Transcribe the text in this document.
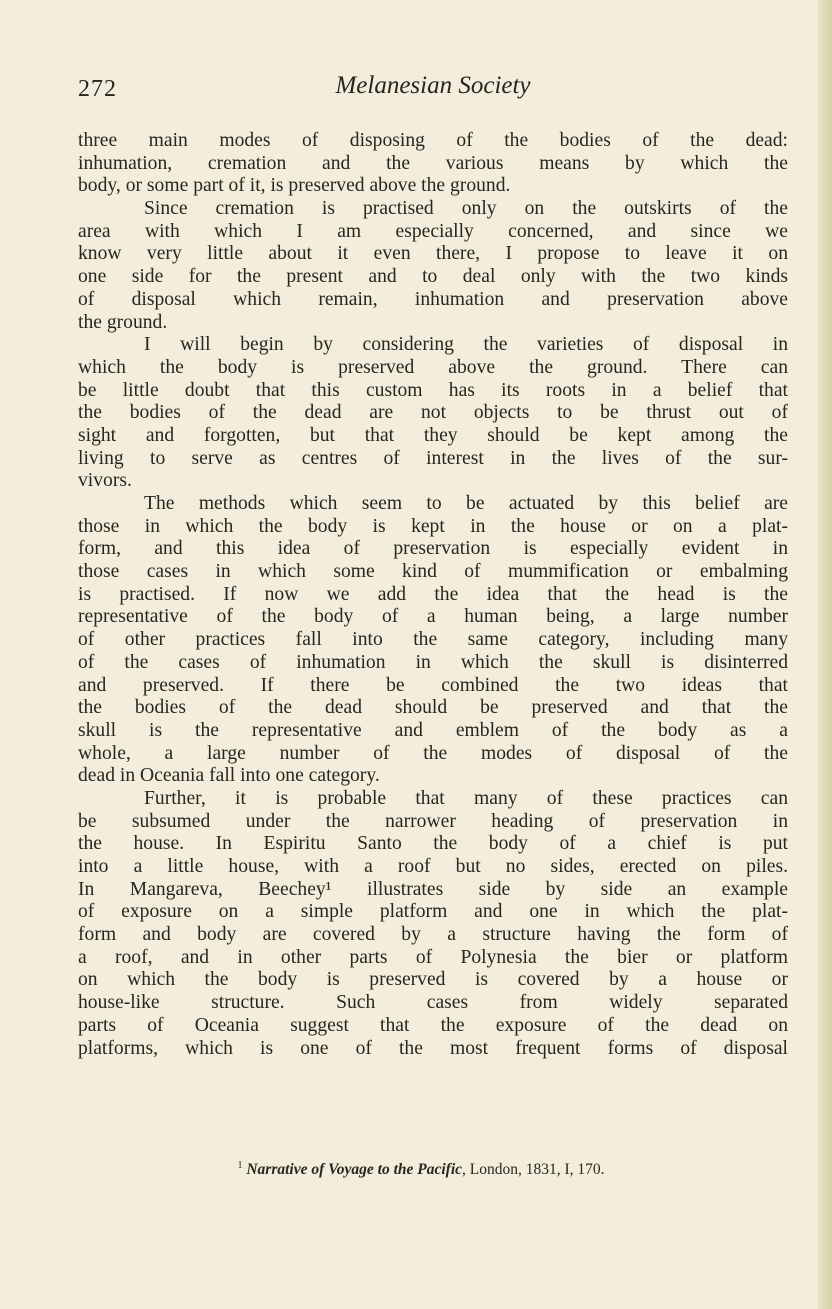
272	Melanesian Society
three main modes of disposing of the bodies of the dead:
inhumation, cremation and the various means by which the
body, or some part of it, is preserved above the ground.
Since cremation is practised only on the outskirts of the
area with which I am especially concerned, and since we
know very little about it even there, I propose to leave it on
one side for the present and to deal only with the two kinds
of disposal which remain, inhumation and preservation above
the ground.
I will begin by considering the varieties of disposal in
which the body is preserved above the ground. There can
be little doubt that this custom has its roots in a belief that
the bodies of the dead are not objects to be thrust out of
sight and forgotten, but that they should be kept among the
living to serve as centres of interest in the lives of the sur-
vivors.
The methods which seem to be actuated by this belief are
those in which the body is kept in the house or on a plat-
form, and this idea of preservation is especially evident in
those cases in which some kind of mummification or embalming
is practised. If now we add the idea that the head is the
representative of the body of a human being, a large number
of other practices fall into the same category, including many
of the cases of inhumation in which the skull is disinterred
and preserved. If there be combined the two ideas that
the bodies of the dead should be preserved and that the
skull is the representative and emblem of the body as a
whole, a large number of the modes of disposal of the
dead in Oceania fall into one category.
Further, it is probable that many of these practices can
be subsumed under the narrower heading of preservation in
the house. In Espiritu Santo the body of a chief is put
into a little house, with a roof but no sides, erected on piles.
In Mangareva, Beechey¹ illustrates side by side an example
of exposure on a simple platform and one in which the plat-
form and body are covered by a structure having the form of
a roof, and in other parts of Polynesia the bier or platform
on which the body is preserved is covered by a house or
house-like structure. Such cases from widely separated
parts of Oceania suggest that the exposure of the dead on
platforms, which is one of the most frequent forms of disposal
$^1$ Narrative of Voyage to the Pacific, London, 1831, I, 170.
